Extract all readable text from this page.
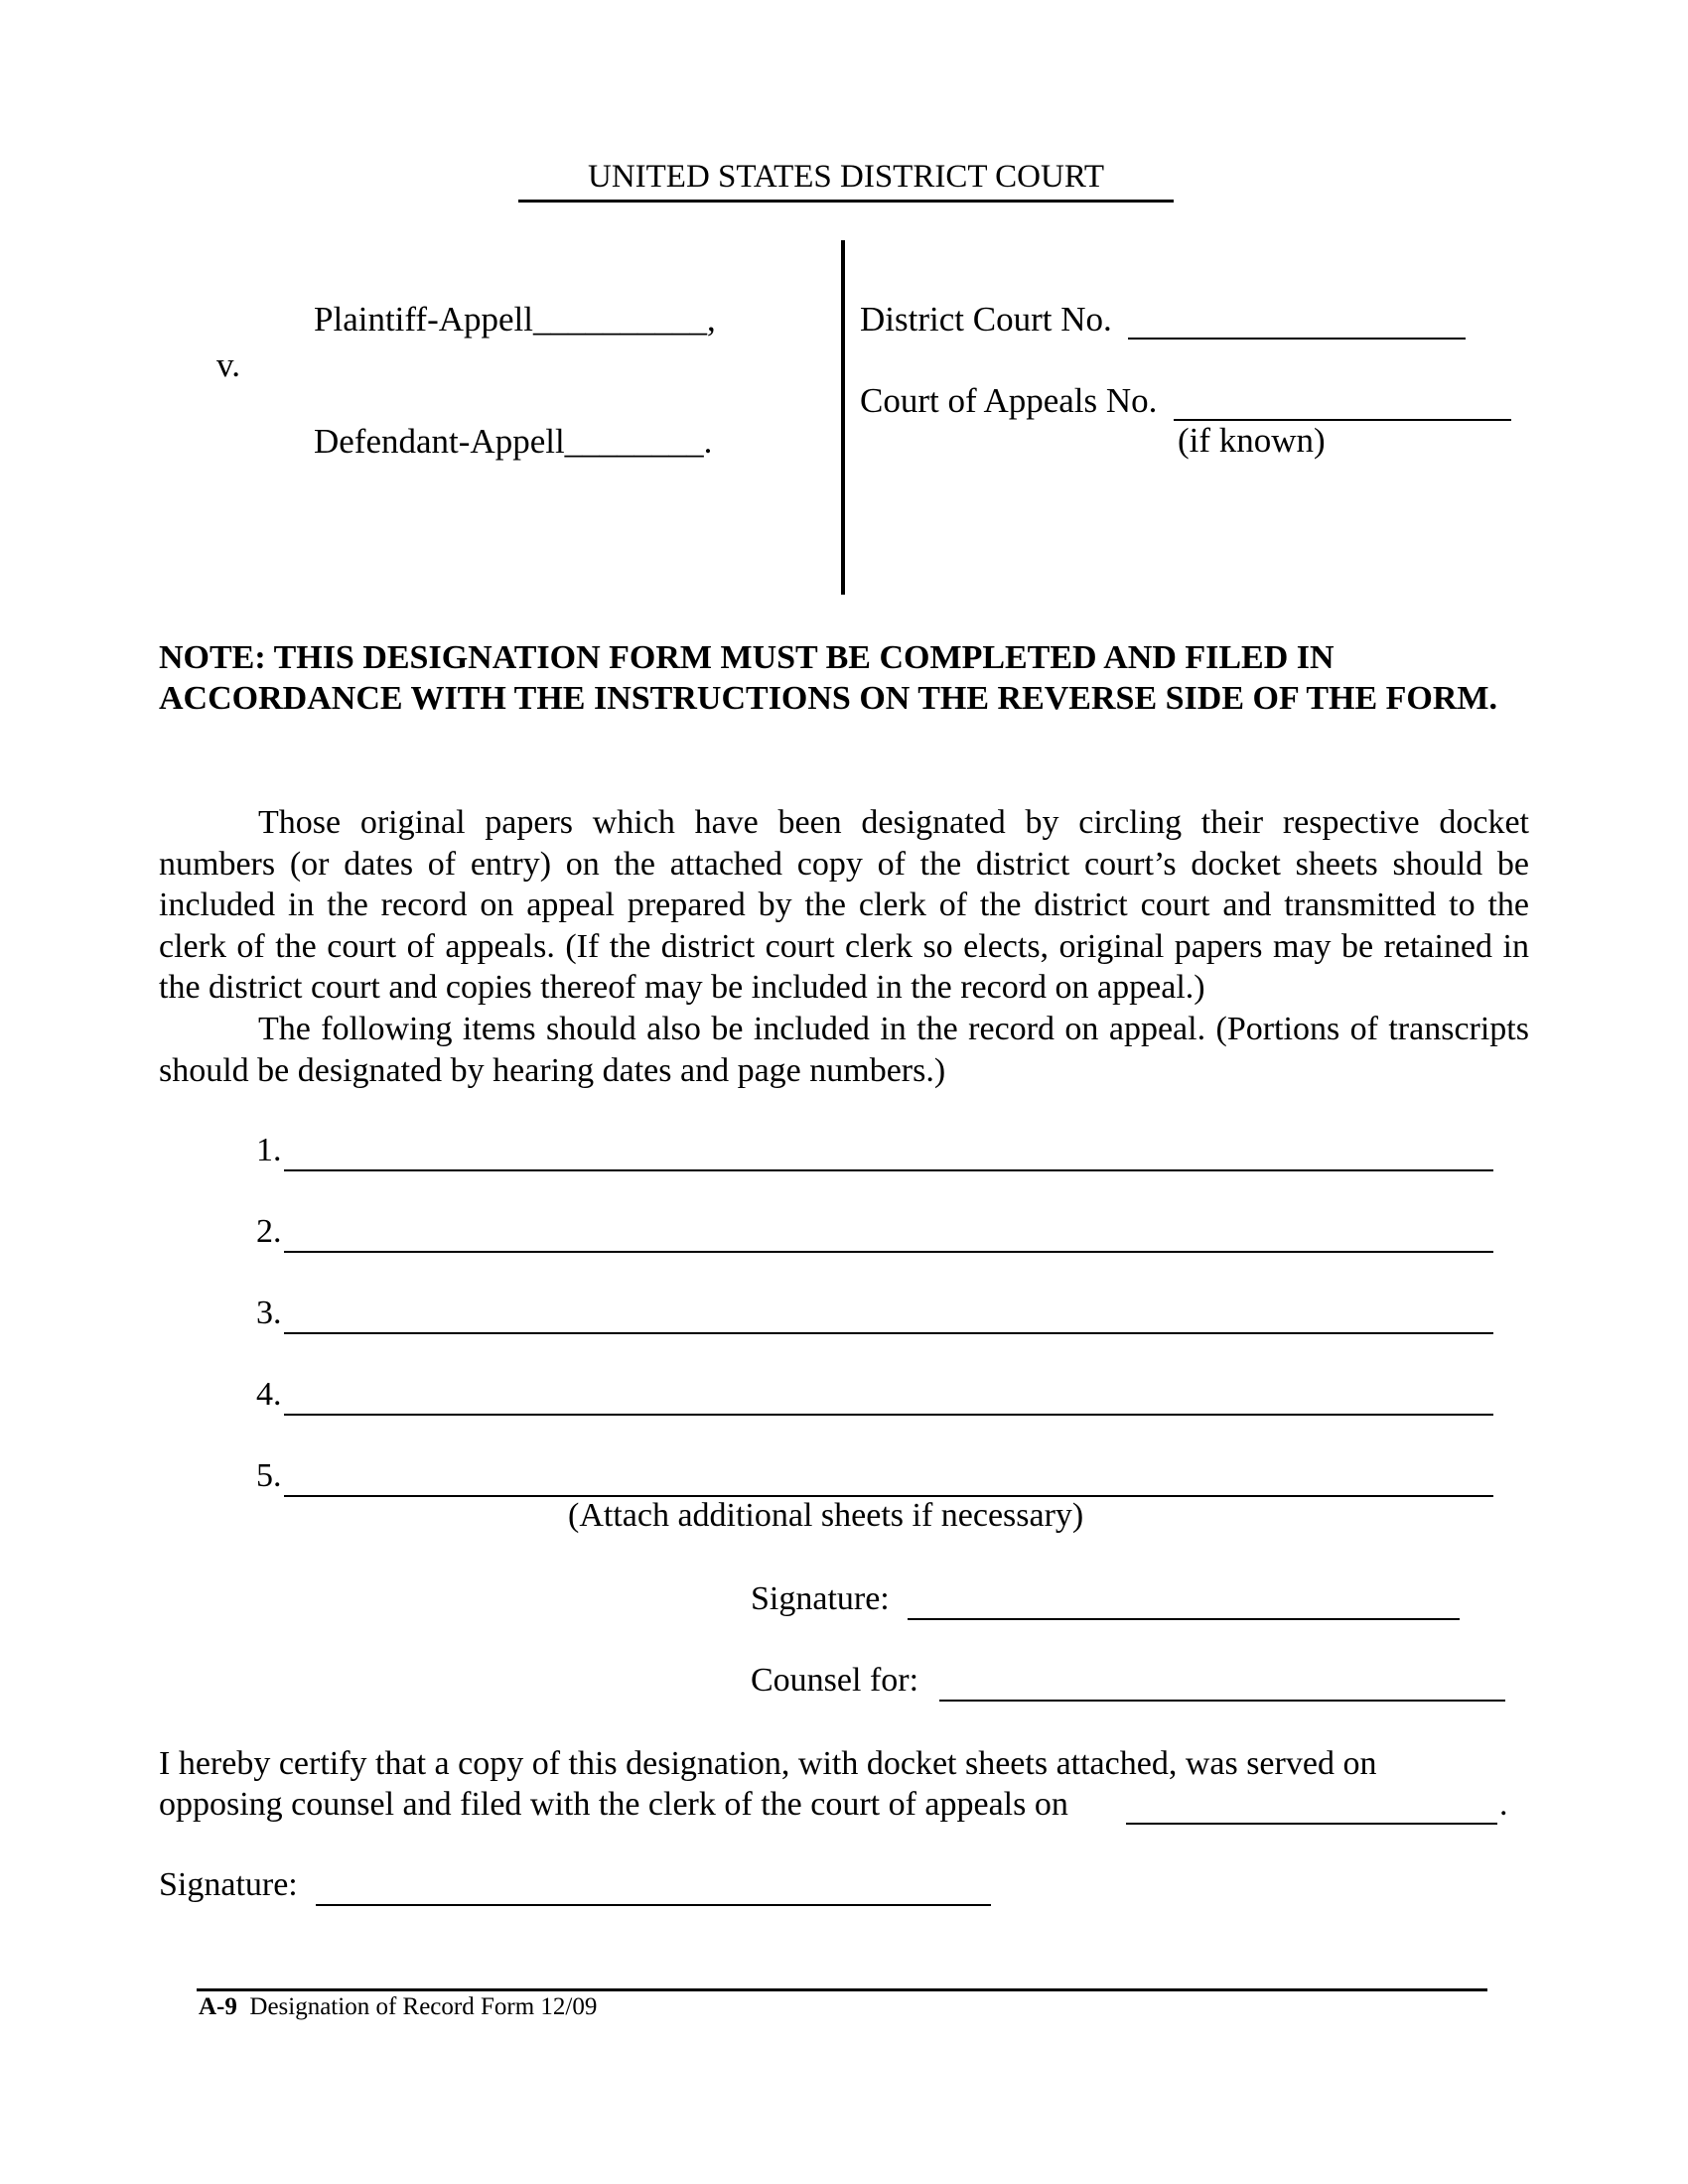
UNITED STATES DISTRICT COURT
Plaintiff-Appell__________,
v.
Defendant-Appell________.
District Court No.
Court of Appeals No.
(if known)
NOTE: THIS DESIGNATION FORM MUST BE COMPLETED AND FILED IN ACCORDANCE WITH THE INSTRUCTIONS ON THE REVERSE SIDE OF THE FORM.

Those original papers which have been designated by circling their respective docket numbers (or dates of entry) on the attached copy of the district court’s docket sheets should be included in the record on appeal prepared by the clerk of the district court and transmitted to the clerk of the court of appeals. (If the district court clerk so elects, original papers may be retained in the district court and copies thereof may be included in the record on appeal.)

The following items should also be included in the record on appeal. (Portions of transcripts should be designated by hearing dates and page numbers.)

1.
2.
3.
4.
5.
(Attach additional sheets if necessary)
Signature:
Counsel for:
I hereby certify that a copy of this designation, with docket sheets attached, was served on
opposing counsel and filed with the clerk of the court of appeals on	.
Signature:
A-9 Designation of Record Form 12/09
